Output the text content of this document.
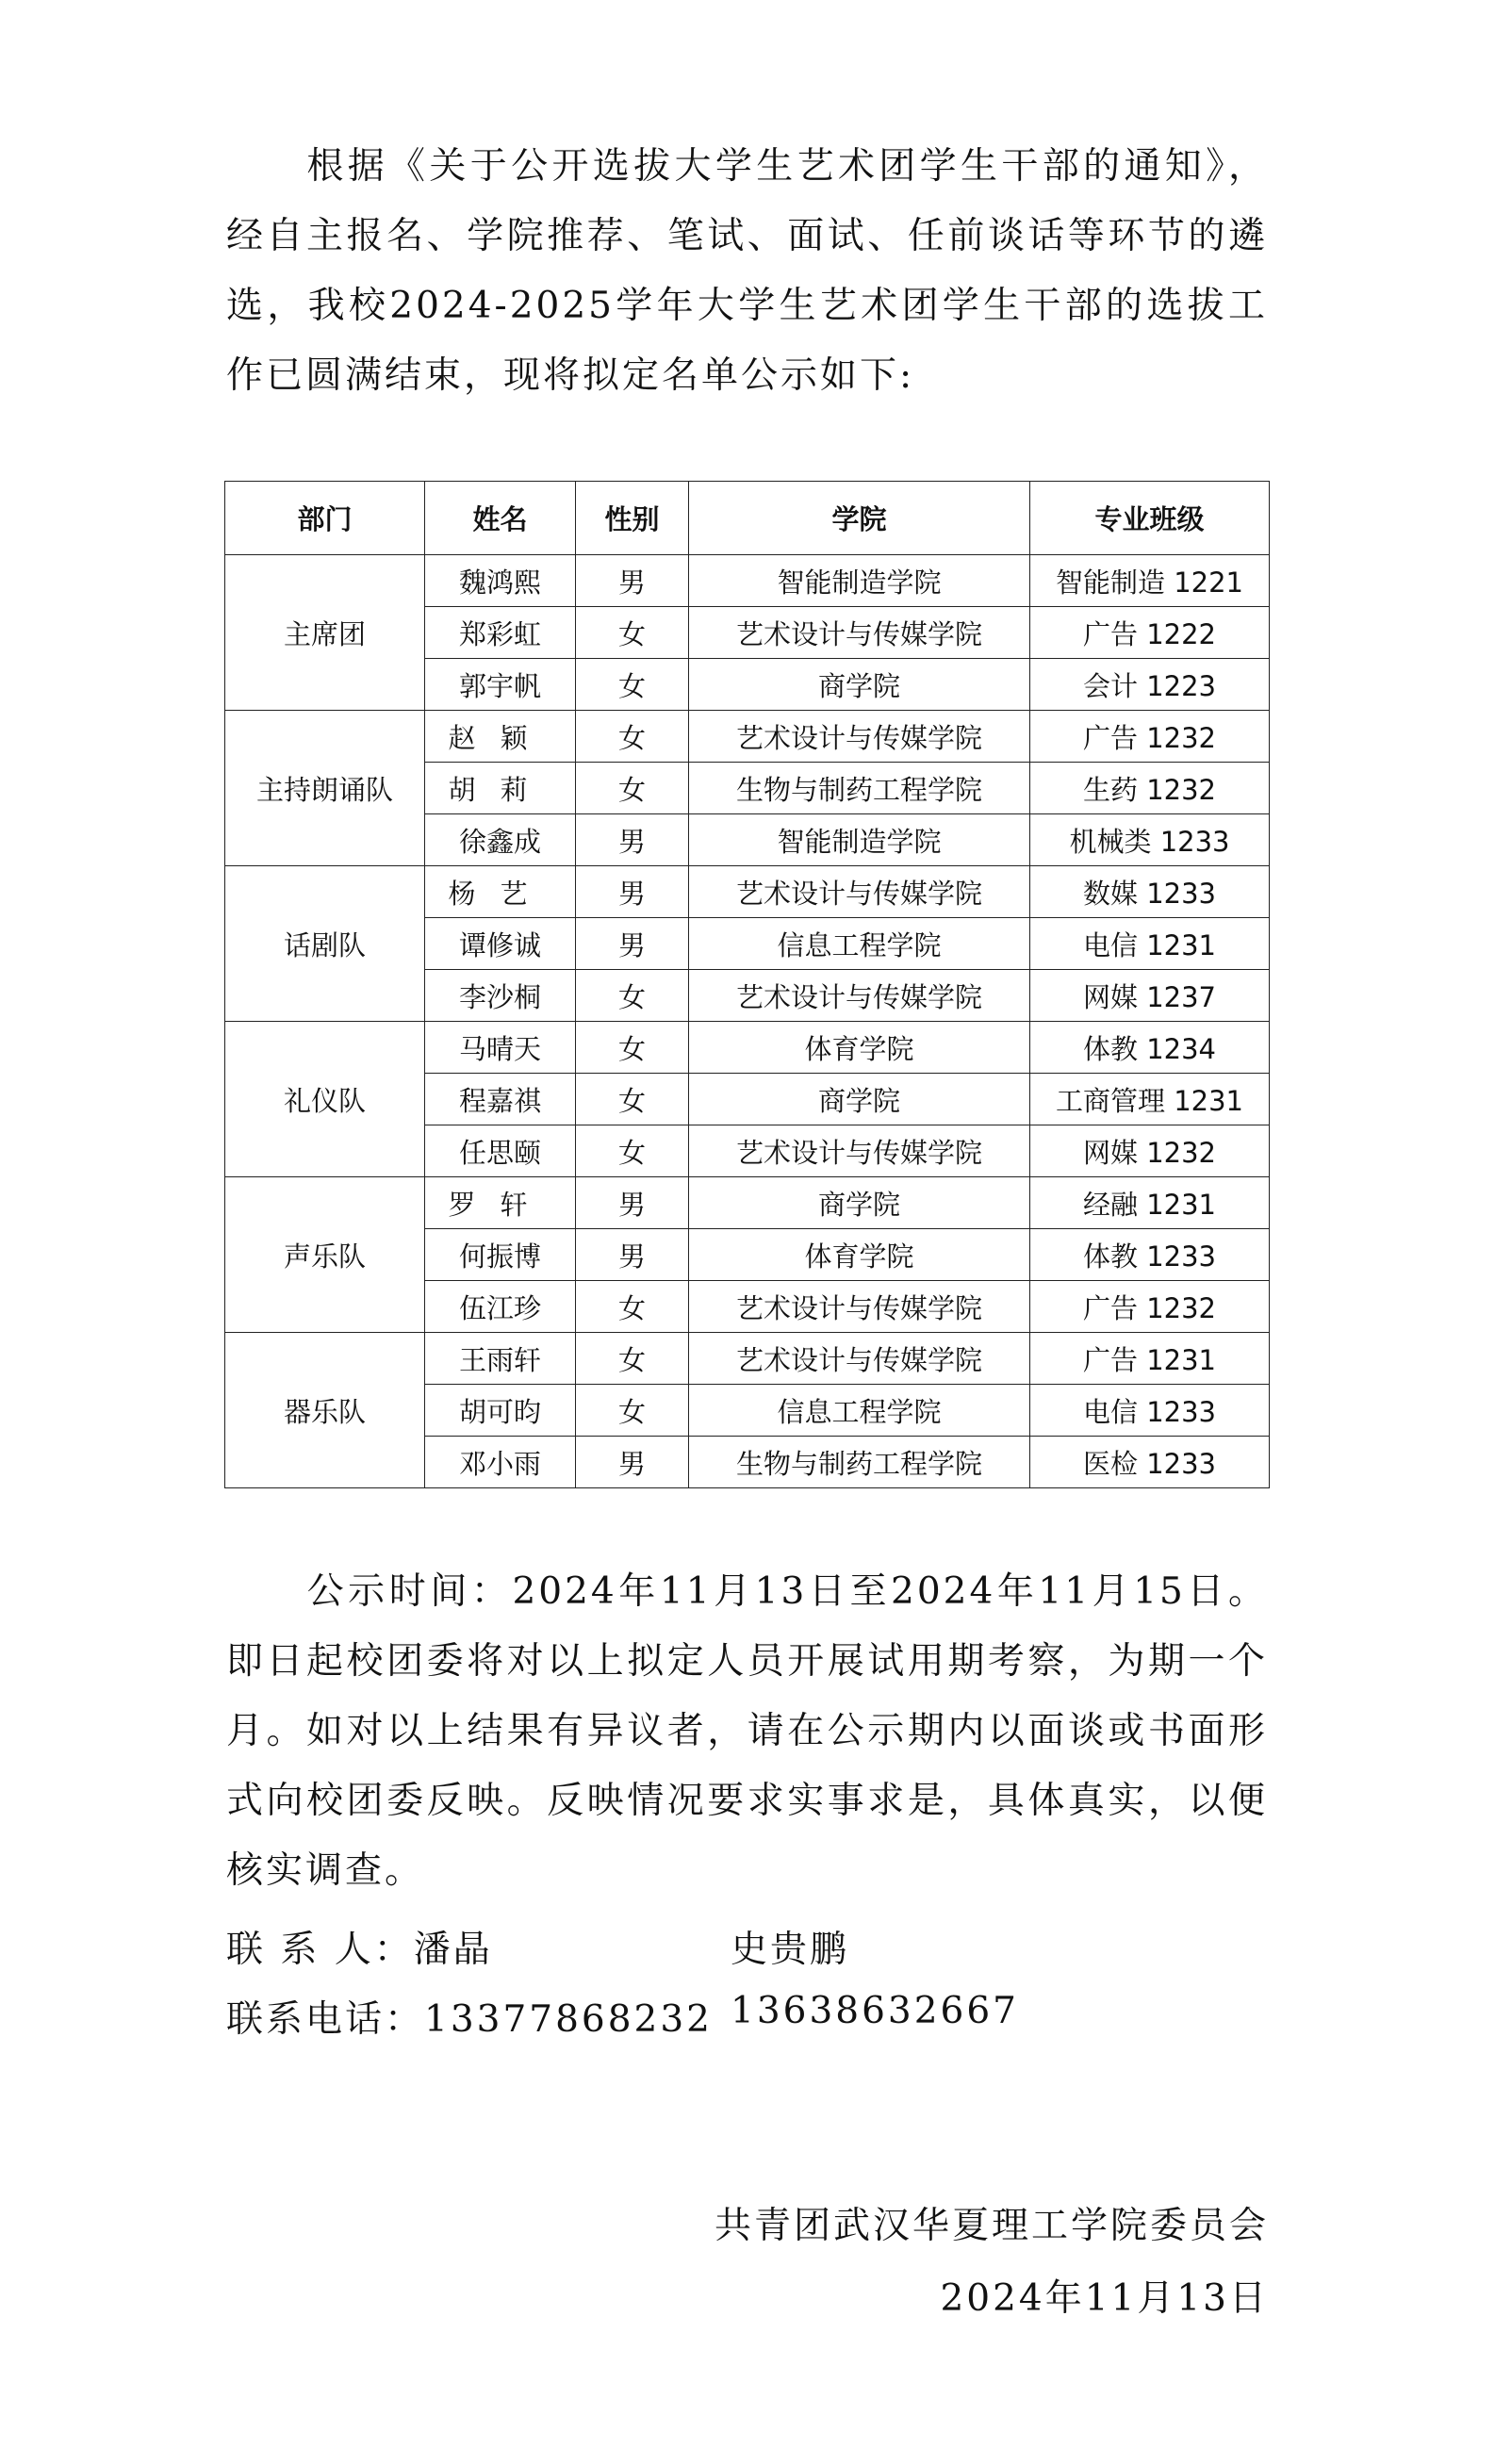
根据《关于公开选拔大学生艺术团学生干部的通知》，经自主报名、学院推荐、笔试、面试、任前谈话等环节的遴选，我校2024-2025学年大学生艺术团学生干部的选拔工作已圆满结束，现将拟定名单公示如下:

部门	姓名	性别	学院	专业班级
主席团	魏鸿熙	男	智能制造学院	智能制造 1221
	郑彩虹	女	艺术设计与传媒学院	广告 1222
	郭宇帆	女	商学院	会计 1223
主持朗诵队	赵颖	女	艺术设计与传媒学院	广告 1232
	胡莉	女	生物与制药工程学院	生药 1232
	徐鑫成	男	智能制造学院	机械类 1233
话剧队	杨艺	男	艺术设计与传媒学院	数媒 1233
	谭修诚	男	信息工程学院	电信 1231
	李沙桐	女	艺术设计与传媒学院	网媒 1237
礼仪队	马晴天	女	体育学院	体教 1234
	程嘉祺	女	商学院	工商管理 1231
	任思颐	女	艺术设计与传媒学院	网媒 1232
声乐队	罗轩	男	商学院	经融 1231
	何振博	男	体育学院	体教 1233
	伍江珍	女	艺术设计与传媒学院	广告 1232
器乐队	王雨轩	女	艺术设计与传媒学院	广告 1231
	胡可昀	女	信息工程学院	电信 1233
	邓小雨	男	生物与制药工程学院	医检 1233

公示时间：2024年11月13日至2024年11月15日。即日起校团委将对以上拟定人员开展试用期考察，为期一个月。如对以上结果有异议者，请在公示期内以面谈或书面形式向校团委反映。反映情况要求实事求是，具体真实，以便核实调查。

联 系 人：潘晶	史贵鹏
联系电话：13377868232 13638632667
共青团武汉华夏理工学院委员会
2024年11月13日
